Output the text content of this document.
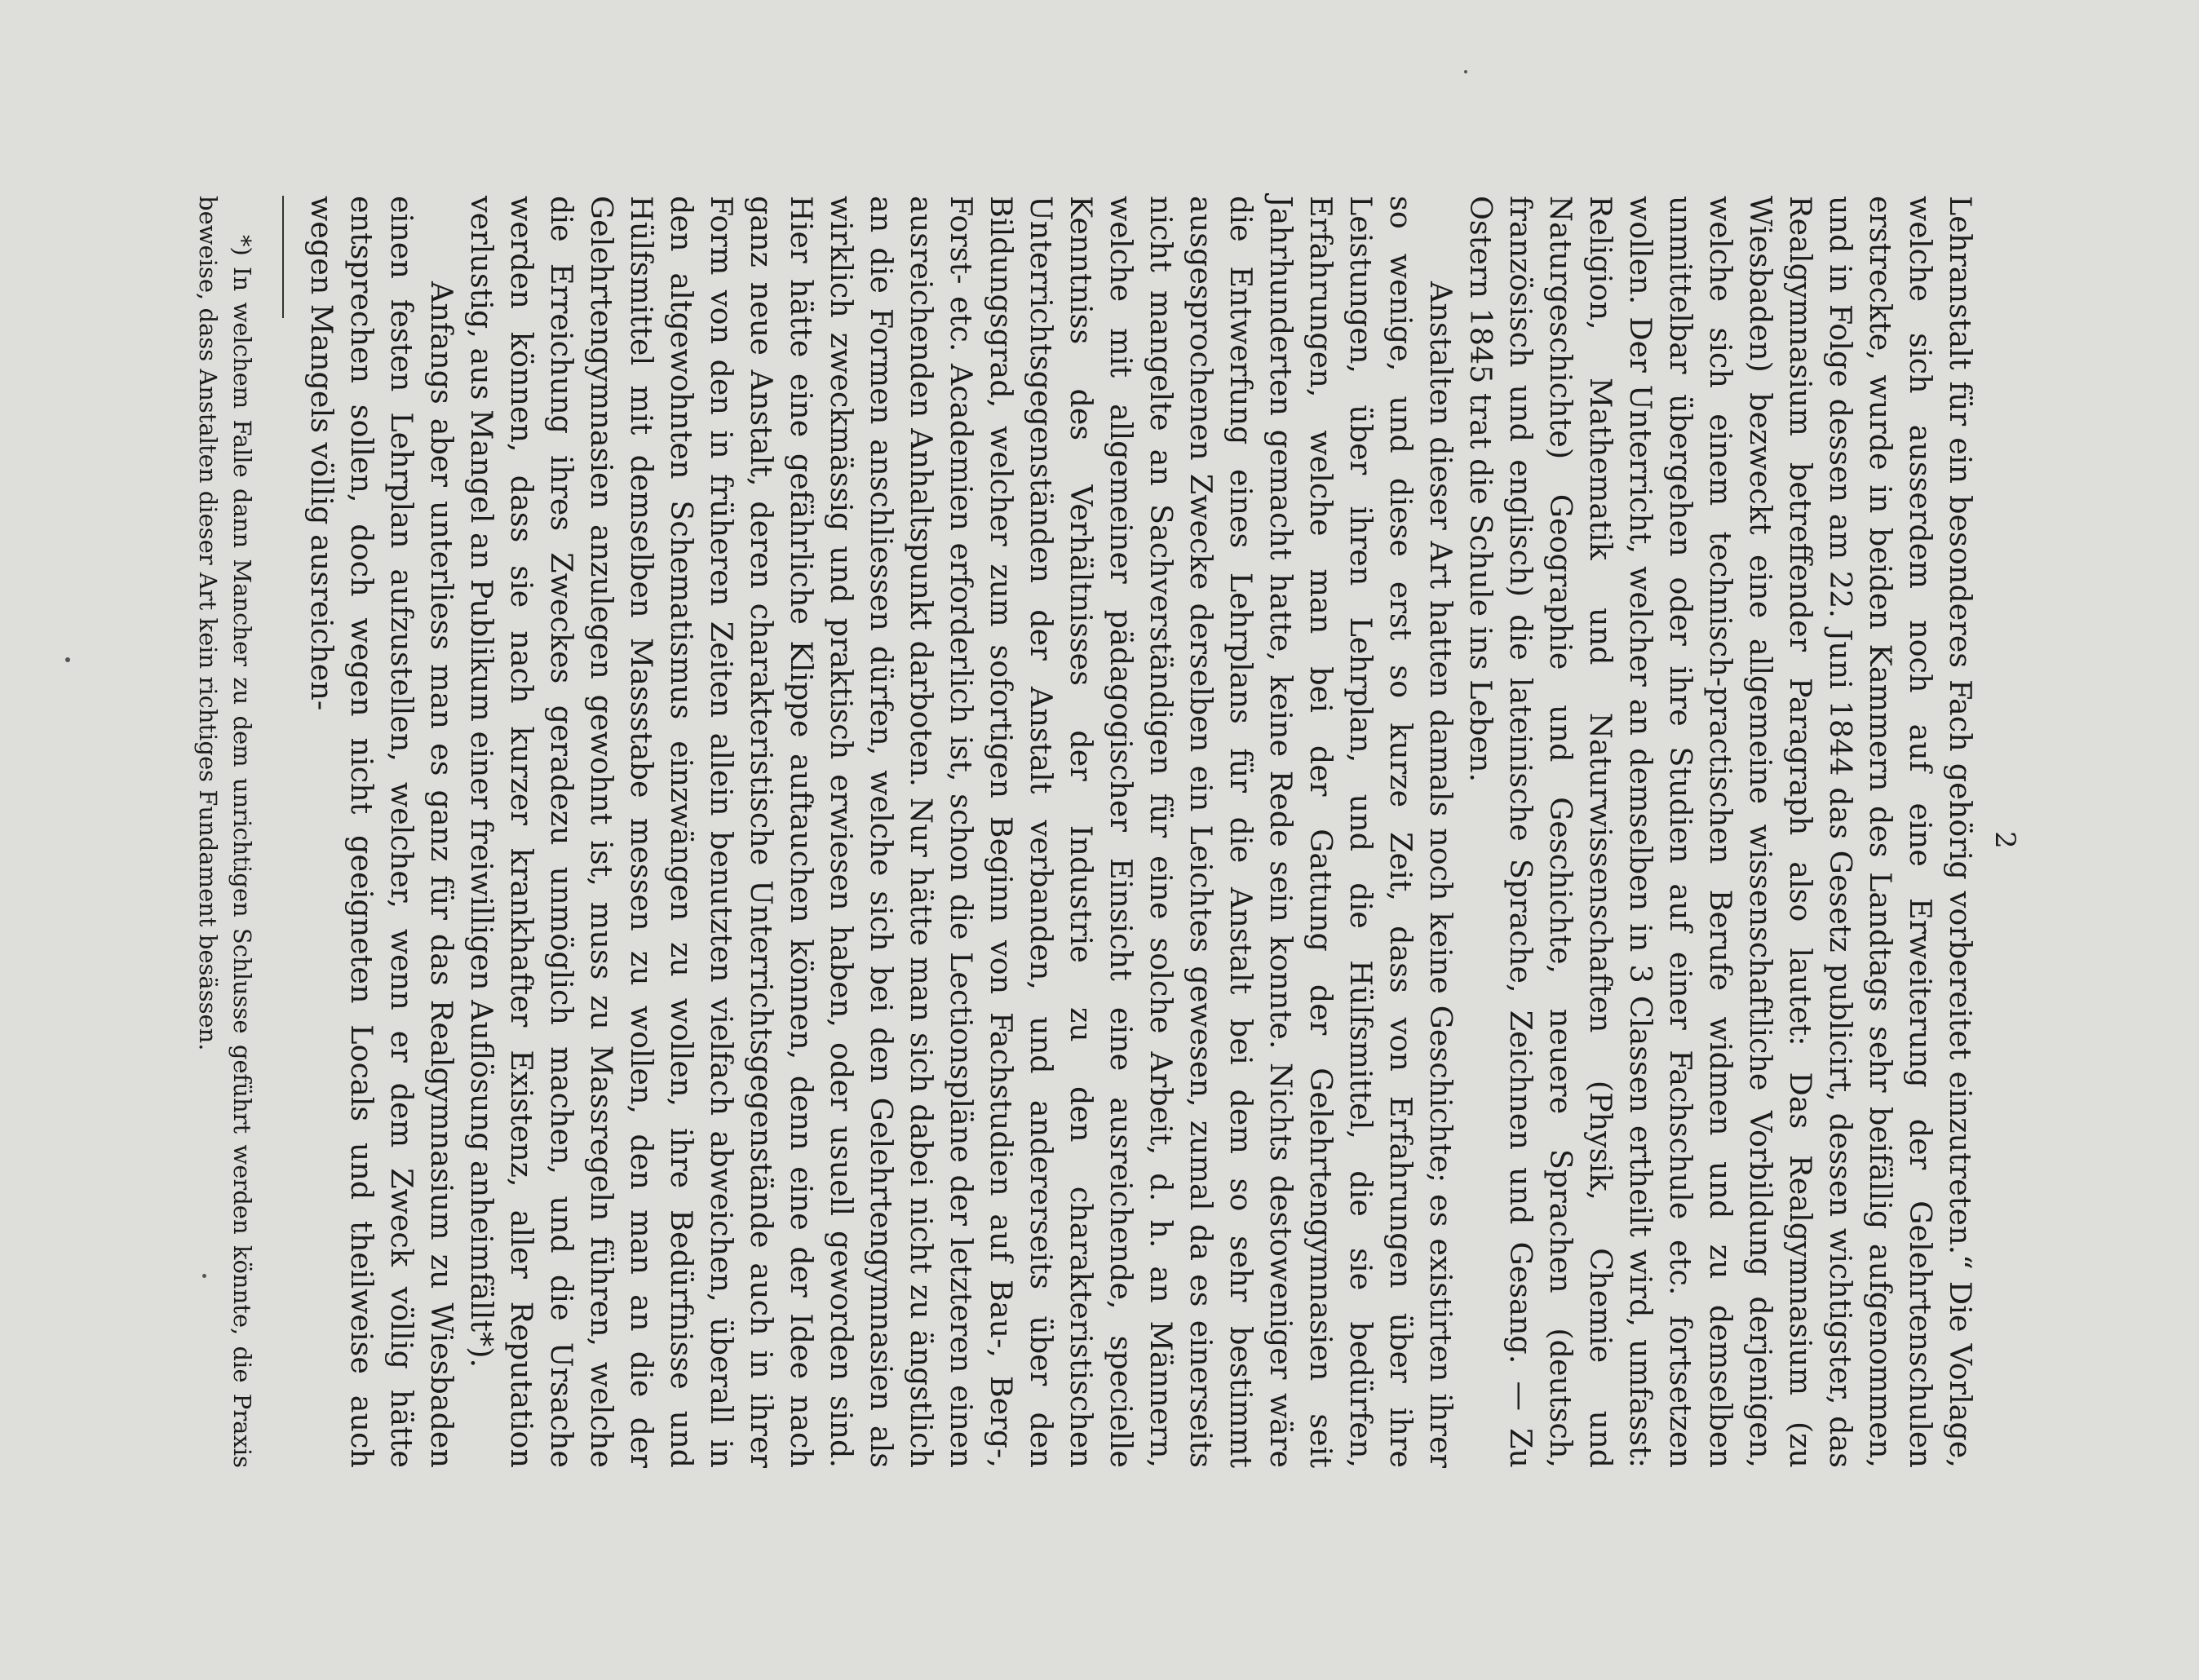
2

Lehranstalt für ein besonderes Fach gehörig vorbereitet einzutreten.“ Die Vorlage, welche sich ausserdem noch auf eine Erweiterung der Gelehrtenschulen erstreckte, wurde in beiden Kammern des Landtags sehr beifällig aufgenommen, und in Folge dessen am 22. Juni 1844 das Gesetz publicirt, dessen wichtigster, das Realgymnasium betreffender Paragraph also lautet: Das Realgymnasium (zu Wiesbaden) bezweckt eine allgemeine wissenschaftliche Vorbildung derjenigen, welche sich einem technisch-practischen Berufe widmen und zu demselben unmittelbar übergehen oder ihre Studien auf einer Fachschule etc. fortsetzen wollen. Der Unterricht, welcher an demselben in 3 Classen ertheilt wird, umfasst: Religion, Mathematik und Naturwissenschaften (Physik, Chemie und Naturgeschichte) Geographie und Geschichte, neuere Sprachen (deutsch, französisch und englisch) die lateinische Sprache, Zeichnen und Gesang. — Zu Ostern 1845 trat die Schule ins Leben.

Anstalten dieser Art hatten damals noch keine Geschichte; es existirten ihrer so wenige, und diese erst so kurze Zeit, dass von Erfahrungen über ihre Leistungen, über ihren Lehrplan, und die Hülfsmittel, die sie bedürfen, Erfahrungen, welche man bei der Gattung der Gelehrtengymnasien seit Jahrhunderten gemacht hatte, keine Rede sein konnte. Nichts destoweniger wäre die Entwerfung eines Lehrplans für die Anstalt bei dem so sehr bestimmt ausgesprochenen Zwecke derselben ein Leichtes gewesen, zumal da es einerseits nicht mangelte an Sachverständigen für eine solche Arbeit, d. h. an Männern, welche mit allgemeiner pädagogischer Einsicht eine ausreichende, specielle Kenntniss des Verhältnisses der Industrie zu den charakteristischen Unterrichtsgegenständen der Anstalt verbanden, und andererseits über den Bildungsgrad, welcher zum sofortigen Beginn von Fachstudien auf Bau-, Berg-, Forst- etc. Academien erforderlich ist, schon die Lectionspläne der letzteren einen ausreichenden Anhaltspunkt darboten. Nur hätte man sich dabei nicht zu ängstlich an die Formen anschliessen dürfen, welche sich bei den Gelehrtengymnasien als wirklich zweckmässig und praktisch erwiesen haben, oder usuell geworden sind. Hier hätte eine gefährliche Klippe auftauchen können, denn eine der Idee nach ganz neue Anstalt, deren charakteristische Unterrichtsgegenstände auch in ihrer Form von den in früheren Zeiten allein benutzten vielfach abweichen, überall in den altgewohnten Schematismus einzwängen zu wollen, ihre Bedürfnisse und Hülfsmittel mit demselben Massstabe messen zu wollen, den man an die der Gelehrtengymnasien anzulegen gewohnt ist, muss zu Massregeln führen, welche die Erreichung ihres Zweckes geradezu unmöglich machen, und die Ursache werden können, dass sie nach kurzer krankhafter Existenz, aller Reputation verlustig, aus Mangel an Publikum einer freiwilligen Auflösung anheimfällt*).

Anfangs aber unterliess man es ganz für das Realgymnasium zu Wiesbaden einen festen Lehrplan aufzustellen, welcher, wenn er dem Zweck völlig hätte entsprechen sollen, doch wegen nicht geeigneten Locals und theilweise auch wegen Mangels völlig ausreichen-

*) In welchem Falle dann Mancher zu dem unrichtigen Schlusse geführt werden könnte, die Praxis beweise, dass Anstalten dieser Art kein richtiges Fundament besässen.
